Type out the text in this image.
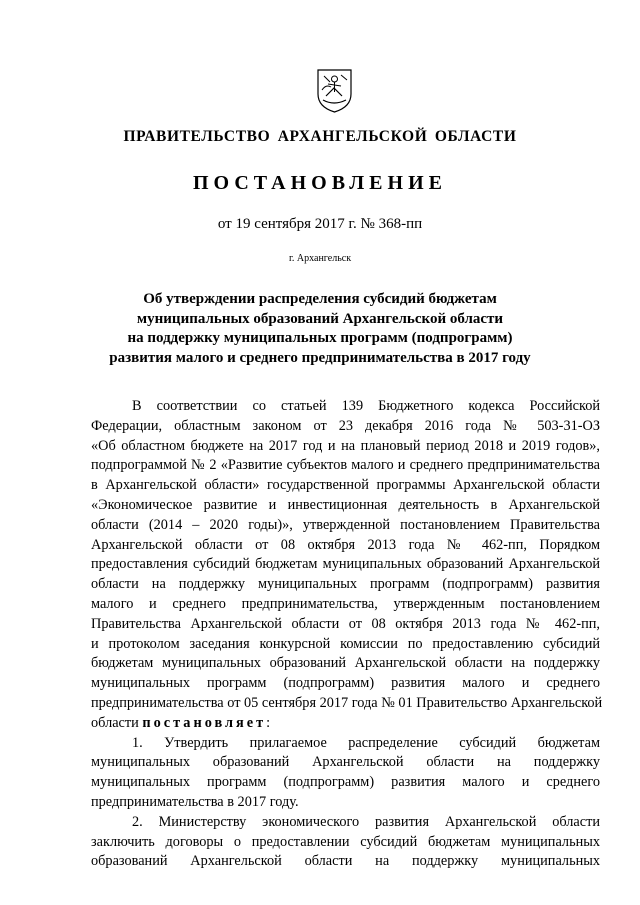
ПРАВИТЕЛЬСТВО АРХАНГЕЛЬСКОЙ ОБЛАСТИ
ПОСТАНОВЛЕНИЕ
от 19 сентября 2017 г. № 368-пп
г. Архангельск
Об утверждении распределения субсидий бюджетам
муниципальных образований Архангельской области
на поддержку муниципальных программ (подпрограмм)
развития малого и среднего предпринимательства в 2017 году
В соответствии со статьей 139 Бюджетного кодекса Российской
Федерации, областным законом от 23 декабря 2016 года № 503-31-ОЗ
«Об областном бюджете на 2017 год и на плановый период 2018 и 2019 годов»,
подпрограммой № 2 «Развитие субъектов малого и среднего предпринимательства
в Архангельской области» государственной программы Архангельской области
«Экономическое развитие и инвестиционная деятельность в Архангельской
области (2014 – 2020 годы)», утвержденной постановлением Правительства
Архангельской области от 08 октября 2013 года № 462-пп, Порядком
предоставления субсидий бюджетам муниципальных образований Архангельской
области на поддержку муниципальных программ (подпрограмм) развития
малого и среднего предпринимательства, утвержденным постановлением
Правительства Архангельской области от 08 октября 2013 года № 462-пп,
и протоколом заседания конкурсной комиссии по предоставлению субсидий
бюджетам муниципальных образований Архангельской области на поддержку
муниципальных программ (подпрограмм) развития малого и среднего
предпринимательства от 05 сентября 2017 года № 01 Правительство Архангельской
области постановляет:
1. Утвердить прилагаемое распределение субсидий бюджетам
муниципальных образований Архангельской области на поддержку
муниципальных программ (подпрограмм) развития малого и среднего
предпринимательства в 2017 году.
2. Министерству экономического развития Архангельской области
заключить договоры о предоставлении субсидий бюджетам муниципальных
образований Архангельской области на поддержку муниципальных
